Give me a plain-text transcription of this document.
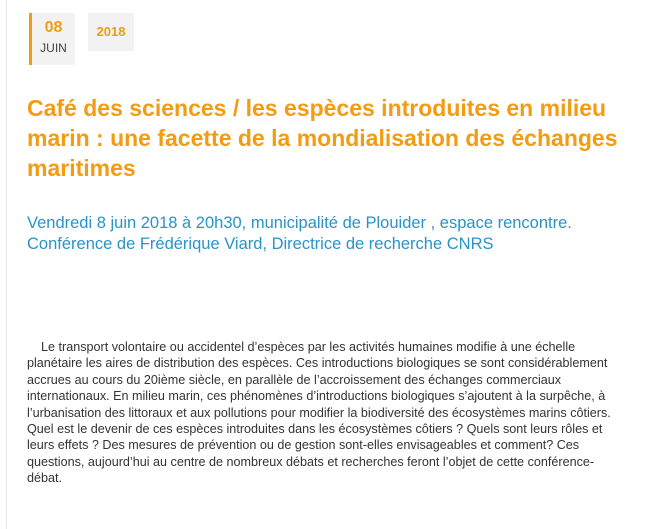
08
JUIN
2018
Café des sciences / les espèces introduites en milieu marin : une facette de la mondialisation des échanges maritimes
Vendredi 8 juin 2018 à 20h30, municipalité de Plouider , espace rencontre.
Conférence de Frédérique Viard, Directrice de recherche CNRS

Le transport volontaire ou accidentel d’espèces par les activités humaines modifie à une échelle planétaire les aires de distribution des espèces. Ces introductions biologiques se sont considérablement accrues au cours du 20ième siècle, en parallèle de l’accroissement des échanges commerciaux internationaux. En milieu marin, ces phénomènes d’introductions biologiques s’ajoutent à la surpêche, à l’urbanisation des littoraux et aux pollutions pour modifier la biodiversité des écosystèmes marins côtiers. Quel est le devenir de ces espèces introduites dans les écosystèmes côtiers ? Quels sont leurs rôles et leurs effets ? Des mesures de prévention ou de gestion sont-elles envisageables et comment? Ces questions, aujourd’hui au centre de nombreux débats et recherches feront l’objet de cette conférence-débat.
